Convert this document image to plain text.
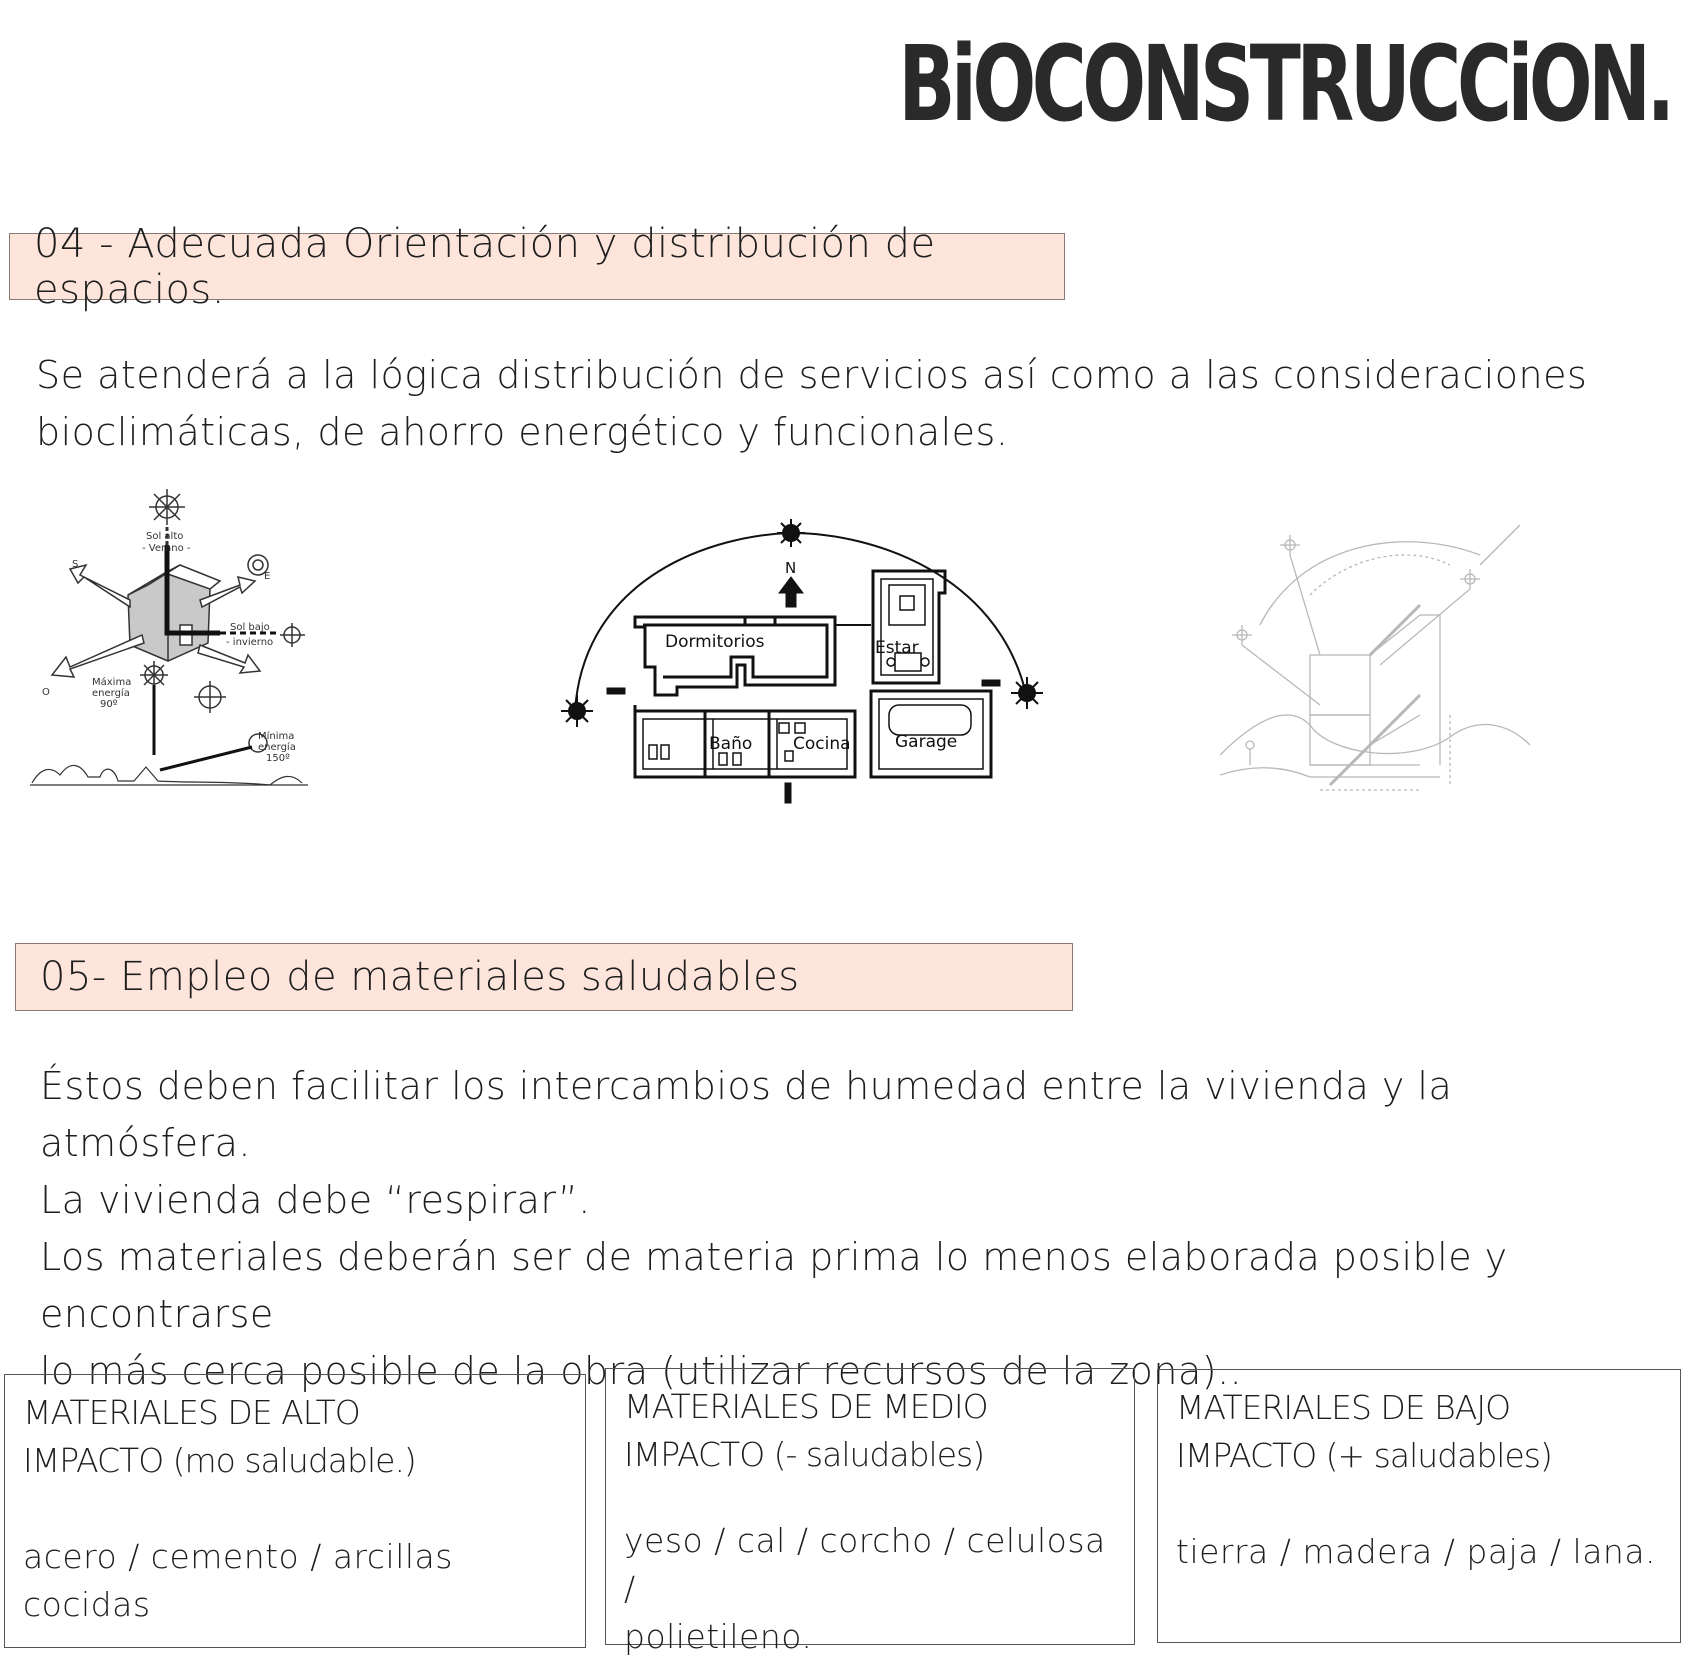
BiOCONSTRUCCiON.
04 - Adecuada Orientación y distribución de espacios.

Se atenderá a la lógica distribución de servicios así como a las consideraciones

bioclimáticas, de ahorro energético y funcionales.

Sol alto
- Verano -
S
E
O
Sol bajo
- invierno
Máxima
energía
90º
Mínima
energía
150º
N
Dormitorios	Estar
Baño Cocina	Garage
05- Empleo de materiales saludables

Éstos deben facilitar los intercambios de humedad entre la vivienda y la atmósfera.

La vivienda debe “respirar”.

Los materiales deberán ser de materia prima lo menos elaborada posible y encontrarse

lo más cerca posible de la obra (utilizar recursos de la zona)..

MATERIALES DE ALTO
IMPACTO (mo saludable.)
acero / cemento / arcillas cocidas
MATERIALES DE MEDIO
IMPACTO (- saludables)
yeso / cal / corcho / celulosa /
polietileno.
MATERIALES DE BAJO
IMPACTO (+ saludables)
tierra / madera / paja / lana.
